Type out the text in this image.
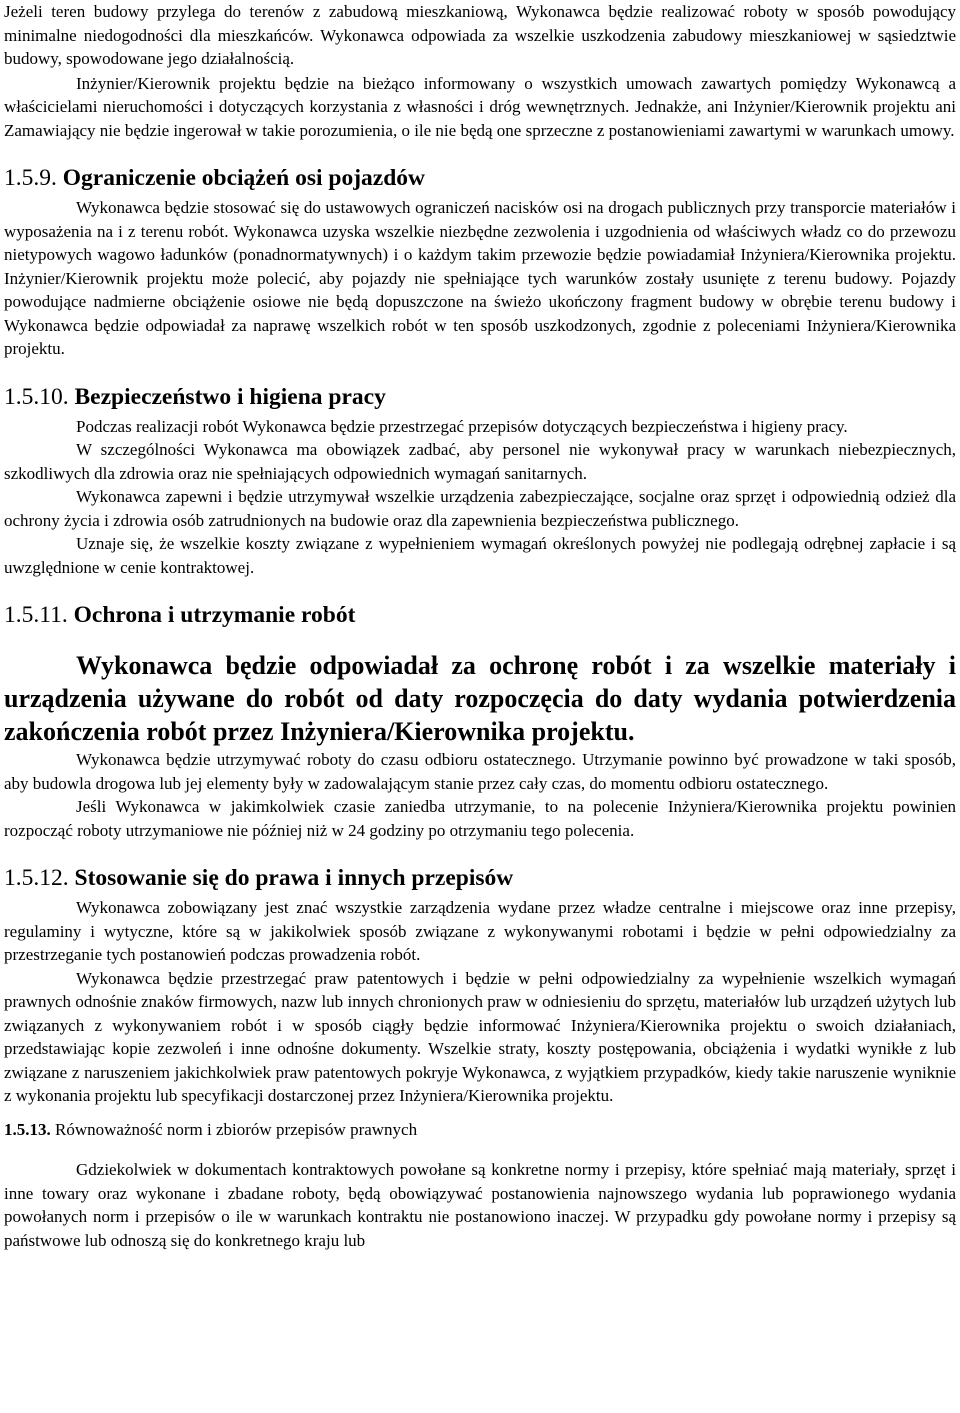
Jeżeli teren budowy przylega do terenów z zabudową mieszkaniową, Wykonawca będzie realizować roboty w sposób powodujący minimalne niedogodności dla mieszkańców. Wykonawca odpowiada za wszelkie uszkodzenia zabudowy mieszkaniowej w sąsiedztwie budowy, spowodowane jego działalnością.

Inżynier/Kierownik projektu będzie na bieżąco informowany o wszystkich umowach zawartych pomiędzy Wykonawcą a właścicielami nieruchomości i dotyczących korzystania z własności i dróg wewnętrznych. Jednakże, ani Inżynier/Kierownik projektu ani Zamawiający nie będzie ingerował w takie porozumienia, o ile nie będą one sprzeczne z postanowieniami zawartymi w warunkach umowy.

1.5.9. Ograniczenie obciążeń osi pojazdów

Wykonawca będzie stosować się do ustawowych ograniczeń nacisków osi na drogach publicznych przy transporcie materiałów i wyposażenia na i z terenu robót. Wykonawca uzyska wszelkie niezbędne zezwolenia i uzgodnienia od właściwych władz co do przewozu nietypowych wagowo ładunków (ponadnormatywnych) i o każdym takim przewozie będzie powiadamiał Inżyniera/Kierownika projektu. Inżynier/Kierownik projektu może polecić, aby pojazdy nie spełniające tych warunków zostały usunięte z terenu budowy. Pojazdy powodujące nadmierne obciążenie osiowe nie będą dopuszczone na świeżo ukończony fragment budowy w obrębie terenu budowy i Wykonawca będzie odpowiadał za naprawę wszelkich robót w ten sposób uszkodzonych, zgodnie z poleceniami Inżyniera/Kierownika projektu.

1.5.10. Bezpieczeństwo i higiena pracy

Podczas realizacji robót Wykonawca będzie przestrzegać przepisów dotyczących bezpieczeństwa i higieny pracy.

W szczególności Wykonawca ma obowiązek zadbać, aby personel nie wykonywał pracy w warunkach niebezpiecznych, szkodliwych dla zdrowia oraz nie spełniających odpowiednich wymagań sanitarnych.

Wykonawca zapewni i będzie utrzymywał wszelkie urządzenia zabezpieczające, socjalne oraz sprzęt i odpowiednią odzież dla ochrony życia i zdrowia osób zatrudnionych na budowie oraz dla zapewnienia bezpieczeństwa publicznego.

Uznaje się, że wszelkie koszty związane z wypełnieniem wymagań określonych powyżej nie podlegają odrębnej zapłacie i są uwzględnione w cenie kontraktowej.

1.5.11. Ochrona i utrzymanie robót

Wykonawca będzie odpowiadał za ochronę robót i za wszelkie materiały i urządzenia używane do robót od daty rozpoczęcia do daty wydania potwierdzenia zakończenia robót przez Inżyniera/Kierownika projektu.

Wykonawca będzie utrzymywać roboty do czasu odbioru ostatecznego. Utrzymanie powinno być prowadzone w taki sposób, aby budowla drogowa lub jej elementy były w zadowalającym stanie przez cały czas, do momentu odbioru ostatecznego.

Jeśli Wykonawca w jakimkolwiek czasie zaniedba utrzymanie, to na polecenie Inżyniera/Kierownika projektu powinien rozpocząć roboty utrzymaniowe nie później niż w 24 godziny po otrzymaniu tego polecenia.

1.5.12. Stosowanie się do prawa i innych przepisów

Wykonawca zobowiązany jest znać wszystkie zarządzenia wydane przez władze centralne i miejscowe oraz inne przepisy, regulaminy i wytyczne, które są w jakikolwiek sposób związane z wykonywanymi robotami i będzie w pełni odpowiedzialny za przestrzeganie tych postanowień podczas prowadzenia robót.

Wykonawca będzie przestrzegać praw patentowych i będzie w pełni odpowiedzialny za wypełnienie wszelkich wymagań prawnych odnośnie znaków firmowych, nazw lub innych chronionych praw w odniesieniu do sprzętu, materiałów lub urządzeń użytych lub związanych z wykonywaniem robót i w sposób ciągły będzie informować Inżyniera/Kierownika projektu o swoich działaniach, przedstawiając kopie zezwoleń i inne odnośne dokumenty. Wszelkie straty, koszty postępowania, obciążenia i wydatki wynikłe z lub związane z naruszeniem jakichkolwiek praw patentowych pokryje Wykonawca, z wyjątkiem przypadków, kiedy takie naruszenie wyniknie z wykonania projektu lub specyfikacji dostarczonej przez Inżyniera/Kierownika projektu.

1.5.13. Równoważność norm i zbiorów przepisów prawnych

Gdziekolwiek w dokumentach kontraktowych powołane są konkretne normy i przepisy, które spełniać mają materiały, sprzęt i inne towary oraz wykonane i zbadane roboty, będą obowiązywać postanowienia najnowszego wydania lub poprawionego wydania powołanych norm i przepisów o ile w warunkach kontraktu nie postanowiono inaczej. W przypadku gdy powołane normy i przepisy są państwowe lub odnoszą się do konkretnego kraju lub
